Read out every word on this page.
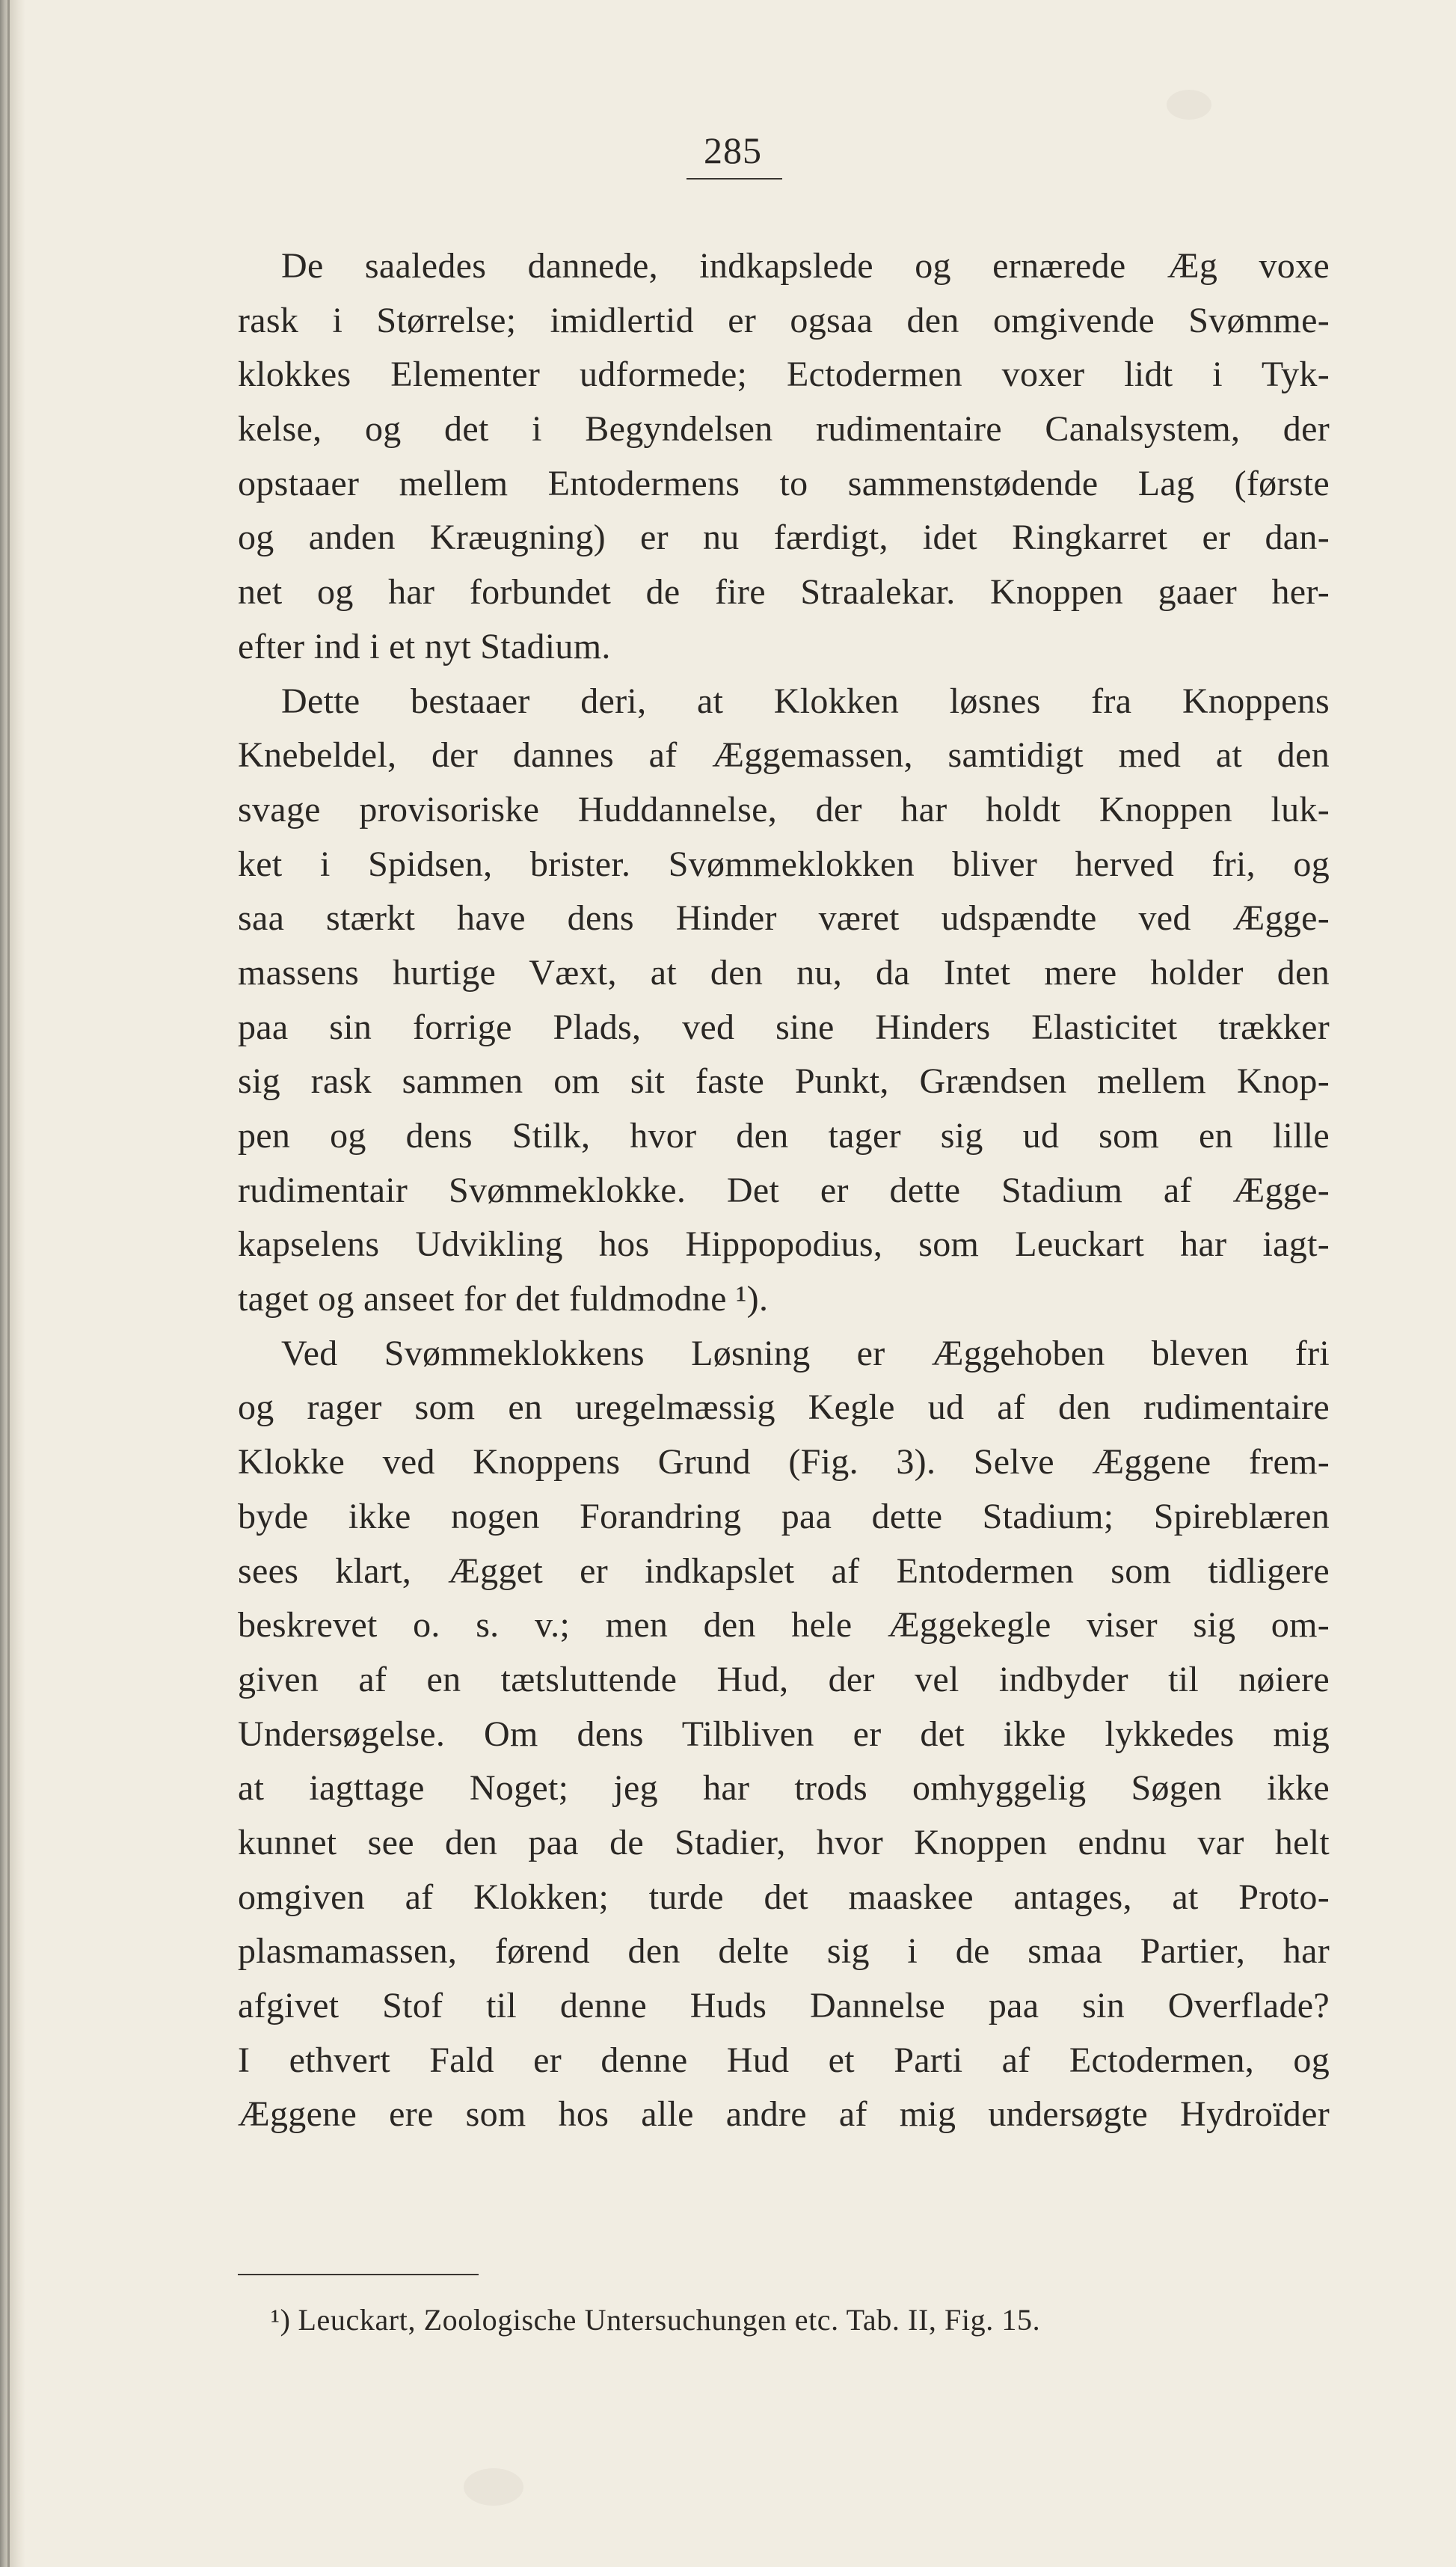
285

De saaledes dannede, indkapslede og ernærede Æg voxe
rask i Størrelse; imidlertid er ogsaa den omgivende Svømme-
klokkes Elementer udformede; Ectodermen voxer lidt i Tyk-
kelse, og det i Begyndelsen rudimentaire Canalsystem, der
opstaaer mellem Entodermens to sammenstødende Lag (første
og anden Kræugning) er nu færdigt, idet Ringkarret er dan-
net og har forbundet de fire Straalekar. Knoppen gaaer her-
efter ind i et nyt Stadium.
Dette bestaaer deri, at Klokken løsnes fra Knoppens
Knebeldel, der dannes af Æggemassen, samtidigt med at den
svage provisoriske Huddannelse, der har holdt Knoppen luk-
ket i Spidsen, brister. Svømmeklokken bliver herved fri, og
saa stærkt have dens Hinder været udspændte ved Ægge-
massens hurtige Væxt, at den nu, da Intet mere holder den
paa sin forrige Plads, ved sine Hinders Elasticitet trækker
sig rask sammen om sit faste Punkt, Grændsen mellem Knop-
pen og dens Stilk, hvor den tager sig ud som en lille
rudimentair Svømmeklokke. Det er dette Stadium af Ægge-
kapselens Udvikling hos Hippopodius, som Leuckart har iagt-
taget og anseet for det fuldmodne ¹).
Ved Svømmeklokkens Løsning er Æggehoben bleven fri
og rager som en uregelmæssig Kegle ud af den rudimentaire
Klokke ved Knoppens Grund (Fig. 3). Selve Æggene frem-
byde ikke nogen Forandring paa dette Stadium; Spireblæren
sees klart, Ægget er indkapslet af Entodermen som tidligere
beskrevet o. s. v.; men den hele Æggekegle viser sig om-
given af en tætsluttende Hud, der vel indbyder til nøiere
Undersøgelse. Om dens Tilbliven er det ikke lykkedes mig
at iagttage Noget; jeg har trods omhyggelig Søgen ikke
kunnet see den paa de Stadier, hvor Knoppen endnu var helt
omgiven af Klokken; turde det maaskee antages, at Proto-
plasmamassen, førend den delte sig i de smaa Partier, har
afgivet Stof til denne Huds Dannelse paa sin Overflade?
I ethvert Fald er denne Hud et Parti af Ectodermen, og
Æggene ere som hos alle andre af mig undersøgte Hydroïder

¹) Leuckart, Zoologische Untersuchungen etc. Tab. II, Fig. 15.
